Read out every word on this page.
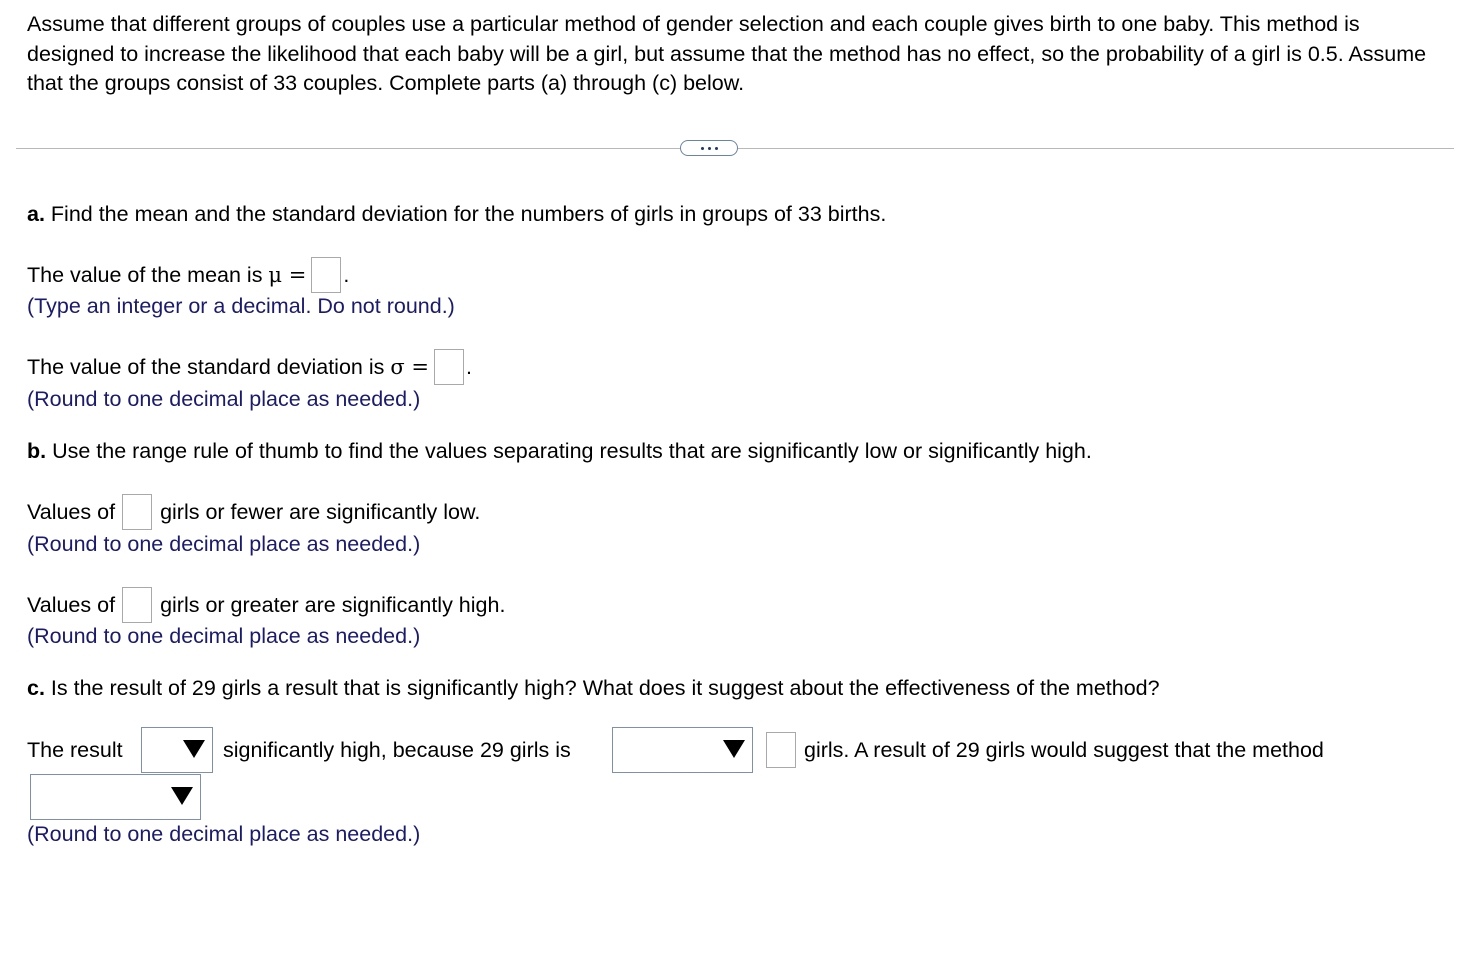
Assume that different groups of couples use a particular method of gender selection and each couple gives birth to one baby. This method is designed to increase the likelihood that each baby will be a girl, but assume that the method has no effect, so the probability of a girl is 0.5. Assume that the groups consist of 33 couples. Complete parts (a) through (c) below.
a. Find the mean and the standard deviation for the numbers of girls in groups of 33 births.
The value of the mean is μ = .
(Type an integer or a decimal. Do not round.)
The value of the standard deviation is σ = .
(Round to one decimal place as needed.)
b. Use the range rule of thumb to find the values separating results that are significantly low or significantly high.
Values of girls or fewer are significantly low.
(Round to one decimal place as needed.)
Values of girls or greater are significantly high.
(Round to one decimal place as needed.)
c. Is the result of 29 girls a result that is significantly high? What does it suggest about the effectiveness of the method?
The result	significantly high, because 29 girls is	girls. A result of 29 girls would suggest that the method
(Round to one decimal place as needed.)
